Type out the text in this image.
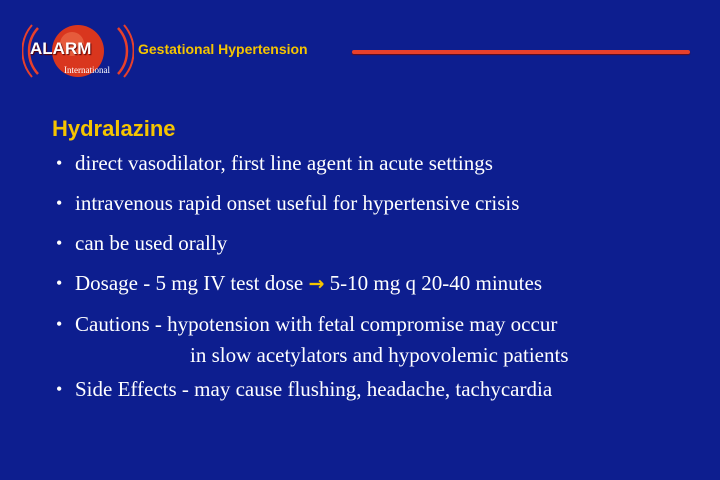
ALARM
International
Gestational Hypertension
Hydralazine
• direct vasodilator, first line agent in acute settings
• intravenous rapid onset useful for hypertensive crisis
• can be used orally
• Dosage - 5 mg IV test dose → 5-10 mg q 20-40 minutes
• Cautions - hypotension with fetal compromise may occur
in slow acetylators and hypovolemic patients
• Side Effects - may cause flushing, headache, tachycardia
